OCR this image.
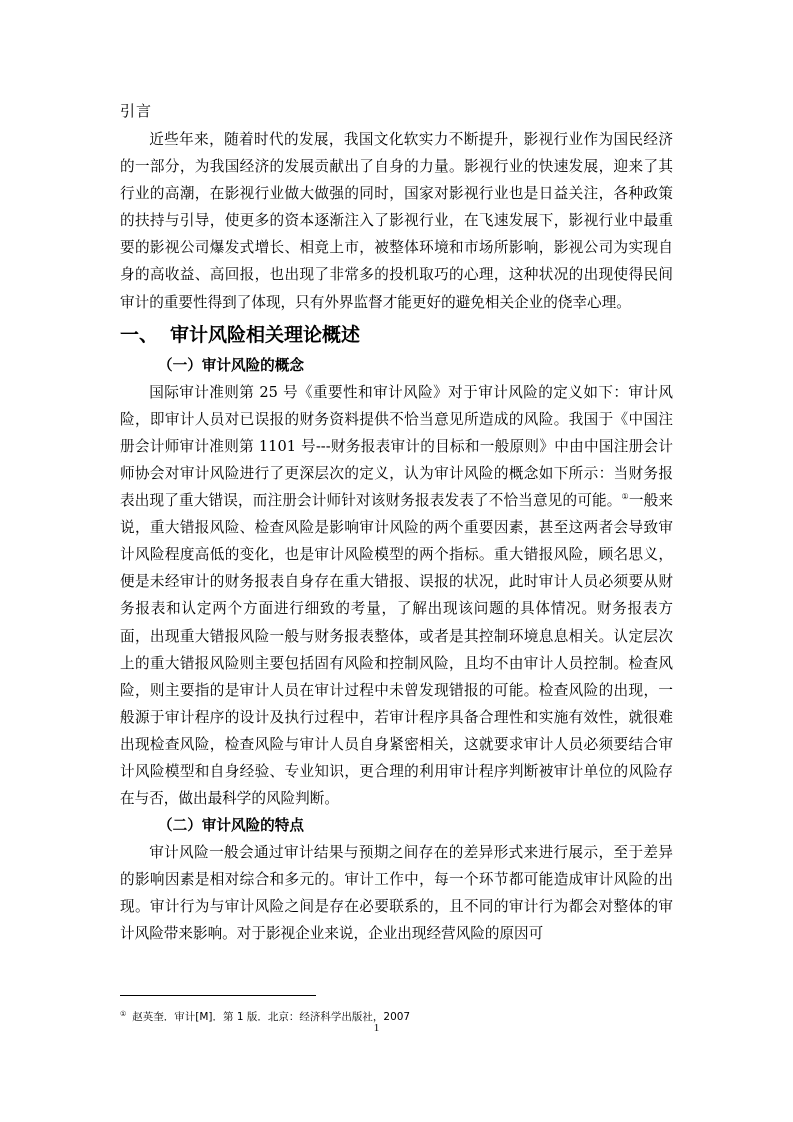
引言

近些年来，随着时代的发展，我国文化软实力不断提升，影视行业作为国民经济的一部分，为我国经济的发展贡献出了自身的力量。影视行业的快速发展，迎来了其行业的高潮，在影视行业做大做强的同时，国家对影视行业也是日益关注，各种政策的扶持与引导，使更多的资本逐渐注入了影视行业，在飞速发展下，影视行业中最重要的影视公司爆发式增长、相竟上市，被整体环境和市场所影响，影视公司为实现自身的高收益、高回报，也出现了非常多的投机取巧的心理，这种状况的出现使得民间审计的重要性得到了体现，只有外界监督才能更好的避免相关企业的侥幸心理。

一、 审计风险相关理论概述
（一）审计风险的概念

国际审计准则第 25 号《重要性和审计风险》对于审计风险的定义如下：审计风险，即审计人员对已误报的财务资料提供不恰当意见所造成的风险。我国于《中国注册会计师审计准则第 1101 号---财务报表审计的目标和一般原则》中由中国注册会计师协会对审计风险进行了更深层次的定义，认为审计风险的概念如下所示：当财务报表出现了重大错误，而注册会计师针对该财务报表发表了不恰当意见的可能。①一般来说，重大错报风险、检查风险是影响审计风险的两个重要因素，甚至这两者会导致审计风险程度高低的变化，也是审计风险模型的两个指标。重大错报风险，顾名思义，便是未经审计的财务报表自身存在重大错报、误报的状况，此时审计人员必须要从财务报表和认定两个方面进行细致的考量，了解出现该问题的具体情况。财务报表方面，出现重大错报风险一般与财务报表整体，或者是其控制环境息息相关。认定层次上的重大错报风险则主要包括固有风险和控制风险，且均不由审计人员控制。检查风险，则主要指的是审计人员在审计过程中未曾发现错报的可能。检查风险的出现，一般源于审计程序的设计及执行过程中，若审计程序具备合理性和实施有效性，就很难出现检查风险，检查风险与审计人员自身紧密相关，这就要求审计人员必须要结合审计风险模型和自身经验、专业知识，更合理的利用审计程序判断被审计单位的风险存在与否，做出最科学的风险判断。

（二）审计风险的特点

审计风险一般会通过审计结果与预期之间存在的差异形式来进行展示，至于差异的影响因素是相对综合和多元的。审计工作中，每一个环节都可能造成审计风险的出现。审计行为与审计风险之间是存在必要联系的，且不同的审计行为都会对整体的审计风险带来影响。对于影视企业来说，企业出现经营风险的原因可

① 赵英奎．审计[M]．第 1 版．北京：经济科学出版社，2007
1
